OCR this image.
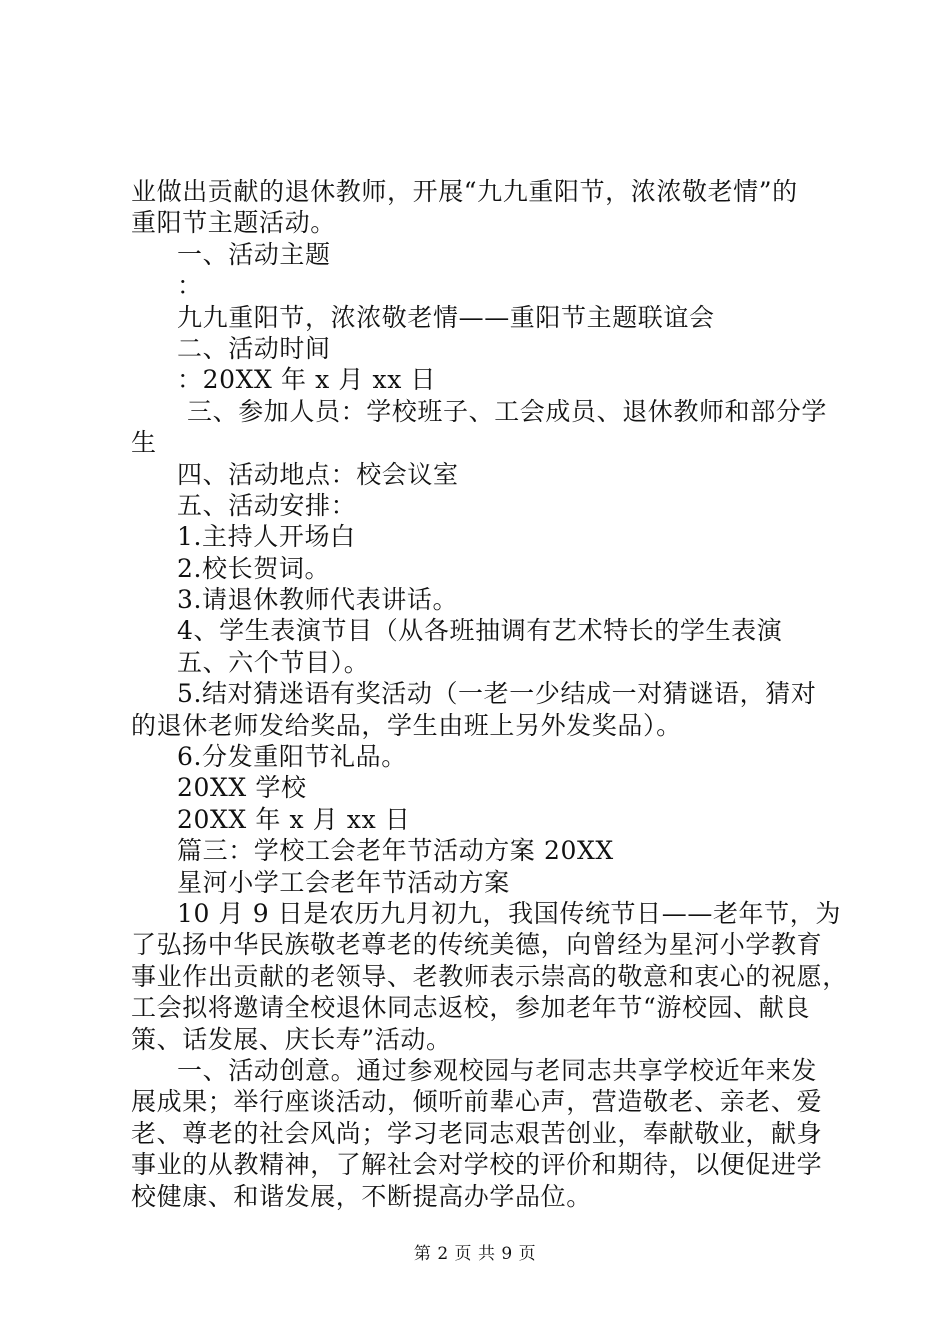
业做出贡献的退休教师，开展“九九重阳节，浓浓敬老情”的
重阳节主题活动。
一、活动主题
：
九九重阳节，浓浓敬老情——重阳节主题联谊会
二、活动时间
：20XX 年 x 月 xx 日
三、参加人员：学校班子、工会成员、退休教师和部分学
生
四、活动地点：校会议室
五、活动安排：
1.主持人开场白
2.校长贺词。
3.请退休教师代表讲话。
4、学生表演节目（从各班抽调有艺术特长的学生表演
五、六个节目）。
5.结对猜迷语有奖活动（一老一少结成一对猜谜语，猜对
的退休老师发给奖品，学生由班上另外发奖品）。
6.分发重阳节礼品。
20XX 学校
20XX 年 x 月 xx 日
篇三：学校工会老年节活动方案 20XX
星河小学工会老年节活动方案
10 月 9 日是农历九月初九，我国传统节日——老年节，为
了弘扬中华民族敬老尊老的传统美德，向曾经为星河小学教育
事业作出贡献的老领导、老教师表示崇高的敬意和衷心的祝愿，
工会拟将邀请全校退休同志返校，参加老年节“游校园、献良
策、话发展、庆长寿”活动。
一、活动创意。通过参观校园与老同志共享学校近年来发
展成果；举行座谈活动，倾听前辈心声，营造敬老、亲老、爱
老、尊老的社会风尚；学习老同志艰苦创业，奉献敬业，献身
事业的从教精神，了解社会对学校的评价和期待，以便促进学
校健康、和谐发展，不断提高办学品位。
第 2 页 共 9 页
